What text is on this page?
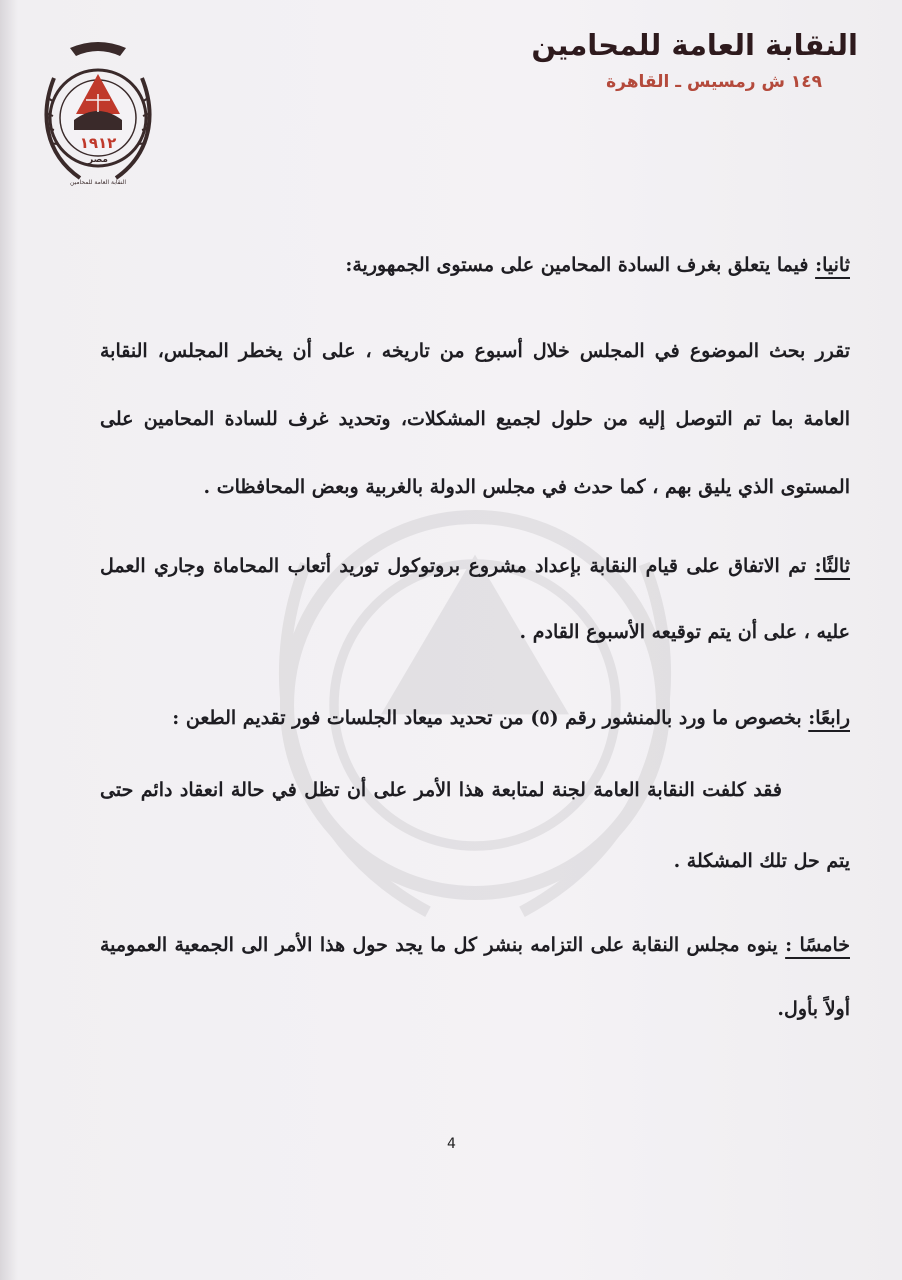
١٩١٢
مصر
النقابة العامة للمحامين
النقابة العامة للمحامين
١٤٩ ش رمسيس ـ القاهرة
ثانيا: فيما يتعلق بغرف السادة المحامين على مستوى الجمهورية:
تقرر بحث الموضوع في المجلس خلال أسبوع من تاريخه ، على أن يخطر المجلس، النقابة
العامة بما تم التوصل إليه من حلول لجميع المشكلات، وتحديد غرف للسادة المحامين على
المستوى الذي يليق بهم ، كما حدث في مجلس الدولة بالغربية وبعض المحافظات .
ثالثًا: تم الاتفاق على قيام النقابة بإعداد مشروع بروتوكول توريد أتعاب المحاماة وجاري العمل
عليه ، على أن يتم توقيعه الأسبوع القادم .
رابعًا: بخصوص ما ورد بالمنشور رقم (٥) من تحديد ميعاد الجلسات فور تقديم الطعن :
فقد كلفت النقابة العامة لجنة لمتابعة هذا الأمر على أن تظل في حالة انعقاد دائم حتى
يتم حل تلك المشكلة .
خامسًا : ينوه مجلس النقابة على التزامه بنشر كل ما يجد حول هذا الأمر الى الجمعية العمومية
أولاً بأول.
4
